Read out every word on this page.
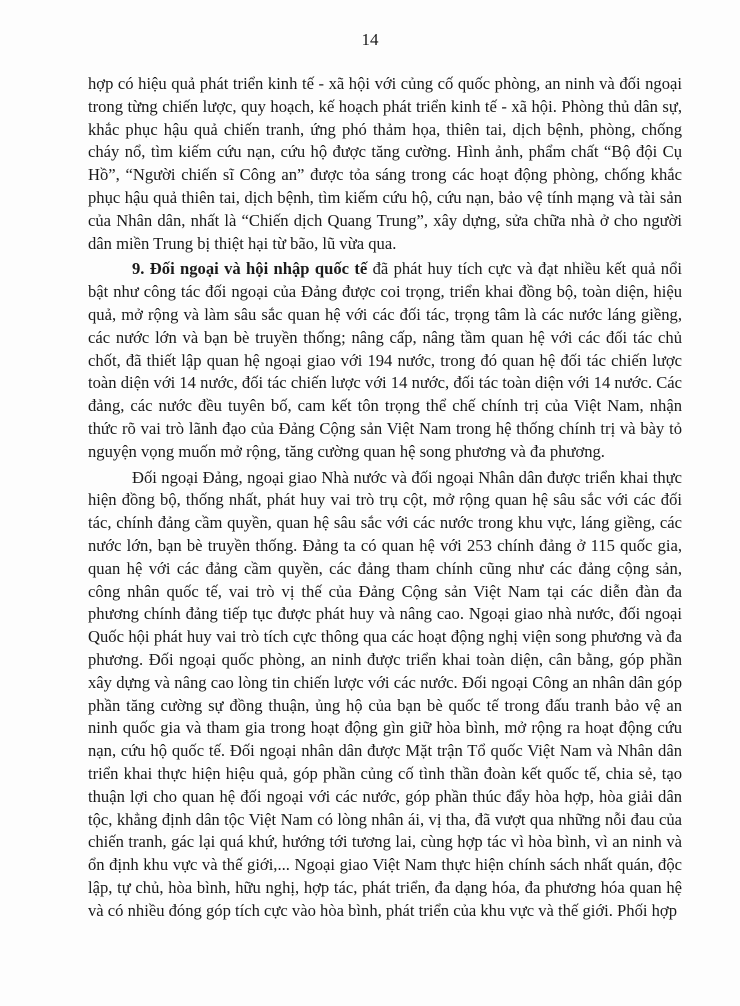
14

hợp có hiệu quả phát triển kinh tế - xã hội với củng cố quốc phòng, an ninh và đối ngoại trong từng chiến lược, quy hoạch, kế hoạch phát triển kinh tế - xã hội. Phòng thủ dân sự, khắc phục hậu quả chiến tranh, ứng phó thảm họa, thiên tai, dịch bệnh, phòng, chống cháy nổ, tìm kiếm cứu nạn, cứu hộ được tăng cường. Hình ảnh, phẩm chất “Bộ đội Cụ Hồ”, “Người chiến sĩ Công an” được tỏa sáng trong các hoạt động phòng, chống khắc phục hậu quả thiên tai, dịch bệnh, tìm kiếm cứu hộ, cứu nạn, bảo vệ tính mạng và tài sản của Nhân dân, nhất là “Chiến dịch Quang Trung”, xây dựng, sửa chữa nhà ở cho người dân miền Trung bị thiệt hại từ bão, lũ vừa qua.

9. Đối ngoại và hội nhập quốc tế đã phát huy tích cực và đạt nhiều kết quả nổi bật như công tác đối ngoại của Đảng được coi trọng, triển khai đồng bộ, toàn diện, hiệu quả, mở rộng và làm sâu sắc quan hệ với các đối tác, trọng tâm là các nước láng giềng, các nước lớn và bạn bè truyền thống; nâng cấp, nâng tầm quan hệ với các đối tác chủ chốt, đã thiết lập quan hệ ngoại giao với 194 nước, trong đó quan hệ đối tác chiến lược toàn diện với 14 nước, đối tác chiến lược với 14 nước, đối tác toàn diện với 14 nước. Các đảng, các nước đều tuyên bố, cam kết tôn trọng thể chế chính trị của Việt Nam, nhận thức rõ vai trò lãnh đạo của Đảng Cộng sản Việt Nam trong hệ thống chính trị và bày tỏ nguyện vọng muốn mở rộng, tăng cường quan hệ song phương và đa phương.

Đối ngoại Đảng, ngoại giao Nhà nước và đối ngoại Nhân dân được triển khai thực hiện đồng bộ, thống nhất, phát huy vai trò trụ cột, mở rộng quan hệ sâu sắc với các đối tác, chính đảng cầm quyền, quan hệ sâu sắc với các nước trong khu vực, láng giềng, các nước lớn, bạn bè truyền thống. Đảng ta có quan hệ với 253 chính đảng ở 115 quốc gia, quan hệ với các đảng cầm quyền, các đảng tham chính cũng như các đảng cộng sản, công nhân quốc tế, vai trò vị thế của Đảng Cộng sản Việt Nam tại các diễn đàn đa phương chính đảng tiếp tục được phát huy và nâng cao. Ngoại giao nhà nước, đối ngoại Quốc hội phát huy vai trò tích cực thông qua các hoạt động nghị viện song phương và đa phương. Đối ngoại quốc phòng, an ninh được triển khai toàn diện, cân bằng, góp phần xây dựng và nâng cao lòng tin chiến lược với các nước. Đối ngoại Công an nhân dân góp phần tăng cường sự đồng thuận, ủng hộ của bạn bè quốc tế trong đấu tranh bảo vệ an ninh quốc gia và tham gia trong hoạt động gìn giữ hòa bình, mở rộng ra hoạt động cứu nạn, cứu hộ quốc tế. Đối ngoại nhân dân được Mặt trận Tổ quốc Việt Nam và Nhân dân triển khai thực hiện hiệu quả, góp phần củng cố tình thần đoàn kết quốc tế, chia sẻ, tạo thuận lợi cho quan hệ đối ngoại với các nước, góp phần thúc đẩy hòa hợp, hòa giải dân tộc, khẳng định dân tộc Việt Nam có lòng nhân ái, vị tha, đã vượt qua những nỗi đau của chiến tranh, gác lại quá khứ, hướng tới tương lai, cùng hợp tác vì hòa bình, vì an ninh và ổn định khu vực và thế giới,... Ngoại giao Việt Nam thực hiện chính sách nhất quán, độc lập, tự chủ, hòa bình, hữu nghị, hợp tác, phát triển, đa dạng hóa, đa phương hóa quan hệ và có nhiều đóng góp tích cực vào hòa bình, phát triển của khu vực và thế giới. Phối hợp
